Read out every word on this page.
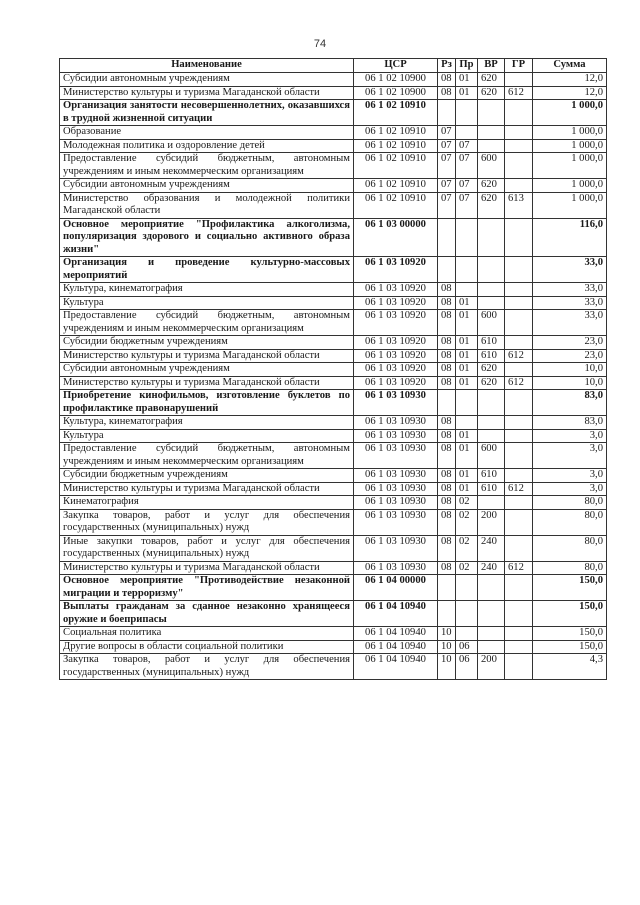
74
Наименование	ЦСР	Рз	Пр	ВР	ГР	Сумма
Субсидии автономным учреждениям	06 1 02 10900	08	01	620		12,0
Министерство культуры и туризма Магаданской области	06 1 02 10900	08	01	620	612	12,0
Организация занятости несовершеннолетних, оказавшихся в трудной жизненной ситуации	06 1 02 10910					1 000,0
Образование	06 1 02 10910	07				1 000,0
Молодежная политика и оздоровление детей	06 1 02 10910	07	07			1 000,0
Предоставление субсидий бюджетным, автономным учреждениям и иным некоммерческим организациям	06 1 02 10910	07	07	600		1 000,0
Субсидии автономным учреждениям	06 1 02 10910	07	07	620		1 000,0
Министерство образования и молодежной политики Магаданской области	06 1 02 10910	07	07	620	613	1 000,0
Основное мероприятие "Профилактика алкоголизма, популяризация здорового и социально активного образа жизни"	06 1 03 00000					116,0
Организация и проведение культурно-массовых мероприятий	06 1 03 10920					33,0
Культура, кинематография	06 1 03 10920	08				33,0
Культура	06 1 03 10920	08	01			33,0
Предоставление субсидий бюджетным, автономным учреждениям и иным некоммерческим организациям	06 1 03 10920	08	01	600		33,0
Субсидии бюджетным учреждениям	06 1 03 10920	08	01	610		23,0
Министерство культуры и туризма Магаданской области	06 1 03 10920	08	01	610	612	23,0
Субсидии автономным учреждениям	06 1 03 10920	08	01	620		10,0
Министерство культуры и туризма Магаданской области	06 1 03 10920	08	01	620	612	10,0
Приобретение кинофильмов, изготовление буклетов по профилактике правонарушений	06 1 03 10930					83,0
Культура, кинематография	06 1 03 10930	08				83,0
Культура	06 1 03 10930	08	01			3,0
Предоставление субсидий бюджетным, автономным учреждениям и иным некоммерческим организациям	06 1 03 10930	08	01	600		3,0
Субсидии бюджетным учреждениям	06 1 03 10930	08	01	610		3,0
Министерство культуры и туризма Магаданской области	06 1 03 10930	08	01	610	612	3,0
Кинематография	06 1 03 10930	08	02			80,0
Закупка товаров, работ и услуг для обеспечения государственных (муниципальных) нужд	06 1 03 10930	08	02	200		80,0
Иные закупки товаров, работ и услуг для обеспечения государственных (муниципальных) нужд	06 1 03 10930	08	02	240		80,0
Министерство культуры и туризма Магаданской области	06 1 03 10930	08	02	240	612	80,0
Основное мероприятие "Противодействие незаконной миграции и терроризму"	06 1 04 00000					150,0
Выплаты гражданам за сданное незаконно хранящееся оружие и боеприпасы	06 1 04 10940					150,0
Социальная политика	06 1 04 10940	10				150,0
Другие вопросы в области социальной политики	06 1 04 10940	10	06			150,0
Закупка товаров, работ и услуг для обеспечения государственных (муниципальных) нужд	06 1 04 10940	10	06	200		4,3
